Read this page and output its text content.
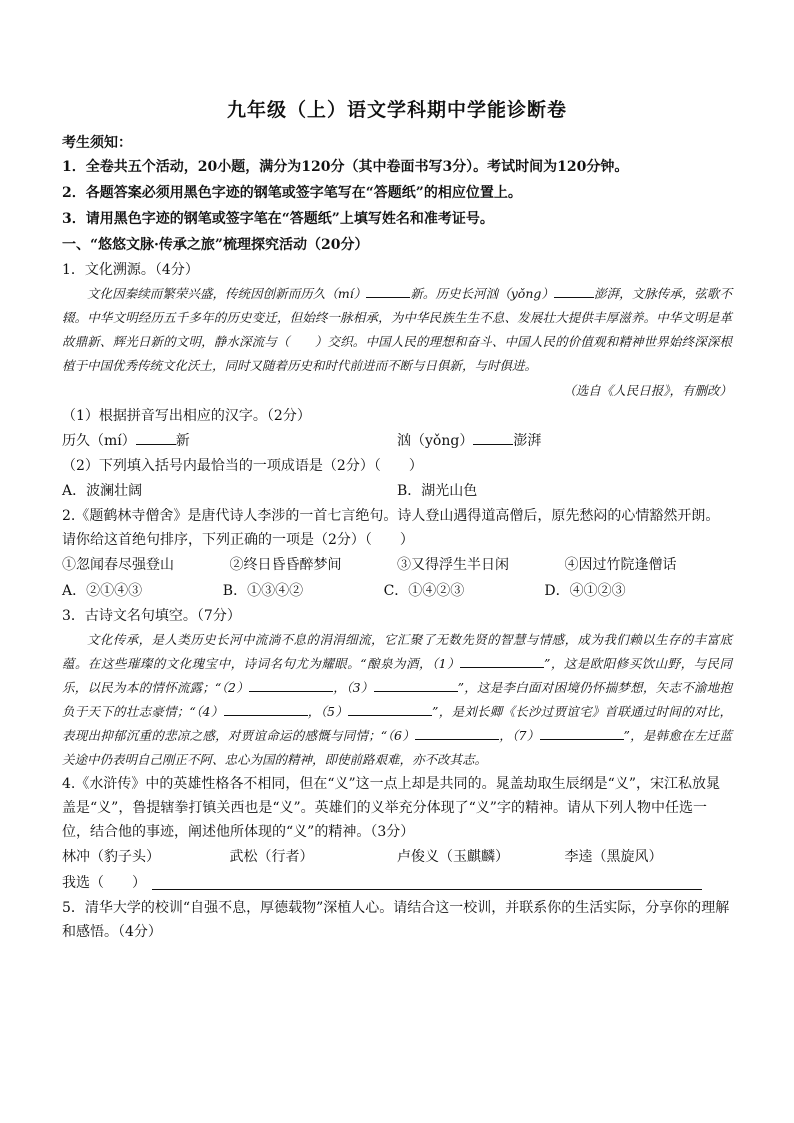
九年级（上）语文学科期中学能诊断卷
考生须知：
1．全卷共五个活动，20小题，满分为120分（其中卷面书写3分）。考试时间为120分钟。
2．各题答案必须用黑色字迹的钢笔或签字笔写在“答题纸”的相应位置上。
3．请用黑色字迹的钢笔或签字笔在“答题纸”上填写姓名和准考证号。
一、“悠悠文脉·传承之旅”梳理探究活动（20分）
1．文化溯源。（4分）
文化因秦续而繁荣兴盛，传统因创新而历久（mí）	新。历史长河汹（yǒng）	澎湃，文脉传承，弦歌不辍。中华文明经历五千多年的历史变迁，但始终一脉相承，为中华民族生生不息、发展壮大提供丰厚滋养。中华文明是革故鼎新、辉光日新的文明，静水深流与（　　）交织。中国人民的理想和奋斗、中国人民的价值观和精神世界始终深深根植于中国优秀传统文化沃土，同时又随着历史和时代前进而不断与日俱新，与时俱进。
（选自《人民日报》，有删改）
（1）根据拼音写出相应的汉字。（2分）
历久（mí）	新	汹（yǒng）	澎湃
（2）下列填入括号内最恰当的一项成语是（2分）（　　）
A．波澜壮阔	B．湖光山色
2.《题鹤林寺僧舍》是唐代诗人李涉的一首七言绝句。诗人登山遇得道高僧后，原先愁闷的心情豁然开朗。
请你给这首绝句排序，下列正确的一项是（2分）（　　）
①忽闻春尽强登山	②终日昏昏醉梦间	③又得浮生半日闲	④因过竹院逢僧话
A．②①④③	B．①③④②	C．①④②③	D．④①②③
3．古诗文名句填空。（7分）
文化传承，是人类历史长河中流淌不息的涓涓细流，它汇聚了无数先贤的智慧与情感，成为我们赖以生存的丰富底蕴。在这些璀璨的文化瑰宝中，诗词名句尤为耀眼。“酿泉为酒，（1）	”，这是欧阳修买饮山野，与民同乐，以民为本的情怀流露；“（2）	，（3）	”，这是李白面对困境仍怀揣梦想，矢志不渝地抱负于天下的壮志豪情；“（4）	，（5）	”，是刘长卿《长沙过贾谊宅》首联通过时间的对比，表现出抑郁沉重的悲凉之感，对贾谊命运的感慨与同情；“（6）	，（7）	”，是韩愈在左迁蓝关途中仍表明自己刚正不阿、忠心为国的精神，即使前路艰难，亦不改其志。
4.《水浒传》中的英雄性格各不相同，但在“义”这一点上却是共同的。晁盖劫取生辰纲是“义”，宋江私放晁盖是“义”，鲁提辖拳打镇关西也是“义”。英雄们的义举充分体现了“义”字的精神。请从下列人物中任选一位，结合他的事迹，阐述他所体现的“义”的精神。（3分）
林冲（豹子头）	武松（行者）	卢俊义（玉麒麟）	李逵（黑旋风）
我选（　　）
5．清华大学的校训“自强不息，厚德载物”深植人心。请结合这一校训，并联系你的生活实际，分享你的理解和感悟。（4分）
